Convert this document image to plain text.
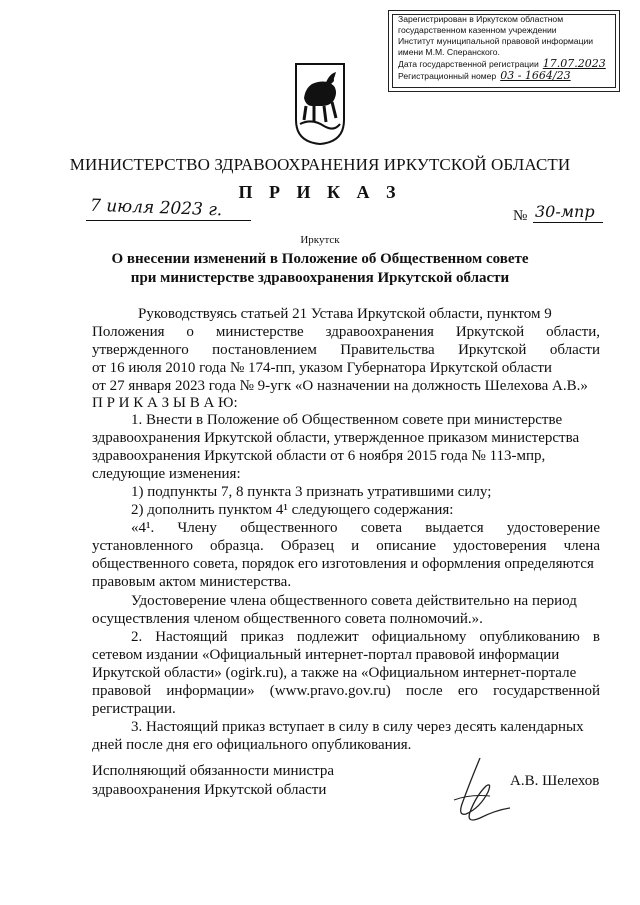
Зарегистрирован в Иркутском областном
государственном казенном учреждении
Институт муниципальной правовой информации
имени М.М. Сперанского.
Дата государственной регистрации 17.07.2023
Регистрационный номер 03 - 1664/23
МИНИСТЕРСТВО ЗДРАВООХРАНЕНИЯ ИРКУТСКОЙ ОБЛАСТИ
П Р И К А З
7 июля 2023 г.	№ 30-мпр
Иркутск
О внесении изменений в Положение об Общественном совете
при министерстве здравоохранения Иркутской области
Руководствуясь статьей 21 Устава Иркутской области, пунктом 9
Положения о министерстве здравоохранения Иркутской области,
утвержденного постановлением Правительства Иркутской области
от 16 июля 2010 года № 174-пп, указом Губернатора Иркутской области
от 27 января 2023 года № 9-угк «О назначении на должность Шелехова А.В.»
П Р И К А З Ы В А Ю:
1. Внести в Положение об Общественном совете при министерстве
здравоохранения Иркутской области, утвержденное приказом министерства
здравоохранения Иркутской области от 6 ноября 2015 года № 113-мпр,
следующие изменения:
1) подпункты 7, 8 пункта 3 признать утратившими силу;
2) дополнить пунктом 4¹ следующего содержания:
«4¹. Члену общественного совета выдается удостоверение
установленного образца. Образец и описание удостоверения члена
общественного совета, порядок его изготовления и оформления определяются
правовым актом министерства.
Удостоверение члена общественного совета действительно на период
осуществления членом общественного совета полномочий.».
2. Настоящий приказ подлежит официальному опубликованию в
сетевом издании «Официальный интернет-портал правовой информации
Иркутской области» (ogirk.ru), а также на «Официальном интернет-портале
правовой информации» (www.pravo.gov.ru) после его государственной
регистрации.
3. Настоящий приказ вступает в силу в силу через десять календарных
дней после дня его официального опубликования.
Исполняющий обязанности министра
здравоохранения Иркутской области
А.В. Шелехов
